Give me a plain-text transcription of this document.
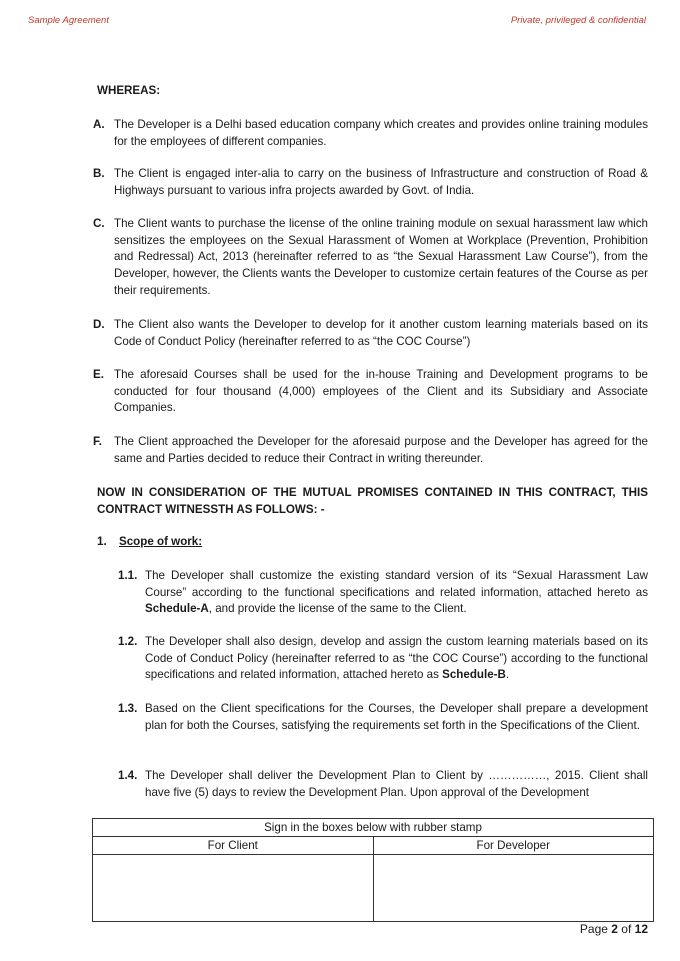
Sample Agreement	Private, privileged & confidential
WHEREAS:
A. The Developer is a Delhi based education company which creates and provides online training modules for the employees of different companies.
B. The Client is engaged inter-alia to carry on the business of Infrastructure and construction of Road & Highways pursuant to various infra projects awarded by Govt. of India.
C. The Client wants to purchase the license of the online training module on sexual harassment law which sensitizes the employees on the Sexual Harassment of Women at Workplace (Prevention, Prohibition and Redressal) Act, 2013 (hereinafter referred to as “the Sexual Harassment Law Course”), from the Developer, however, the Clients wants the Developer to customize certain features of the Course as per their requirements.
D. The Client also wants the Developer to develop for it another custom learning materials based on its Code of Conduct Policy (hereinafter referred to as “the COC Course”)
E. The aforesaid Courses shall be used for the in-house Training and Development programs to be conducted for four thousand (4,000) employees of the Client and its Subsidiary and Associate Companies.
F. The Client approached the Developer for the aforesaid purpose and the Developer has agreed for the same and Parties decided to reduce their Contract in writing thereunder.
NOW IN CONSIDERATION OF THE MUTUAL PROMISES CONTAINED IN THIS CONTRACT, THIS CONTRACT WITNESSTH AS FOLLOWS: -
1. Scope of work:
1.1. The Developer shall customize the existing standard version of its “Sexual Harassment Law Course” according to the functional specifications and related information, attached hereto as Schedule-A, and provide the license of the same to the Client.
1.2. The Developer shall also design, develop and assign the custom learning materials based on its Code of Conduct Policy (hereinafter referred to as “the COC Course”) according to the functional specifications and related information, attached hereto as Schedule-B.
1.3. Based on the Client specifications for the Courses, the Developer shall prepare a development plan for both the Courses, satisfying the requirements set forth in the Specifications of the Client.
1.4. The Developer shall deliver the Development Plan to Client by ……………, 2015. Client shall have five (5) days to review the Development Plan. Upon approval of the Development
Sign in the boxes below with rubber stamp	
For Client	For Developer

Page 2 of 12
